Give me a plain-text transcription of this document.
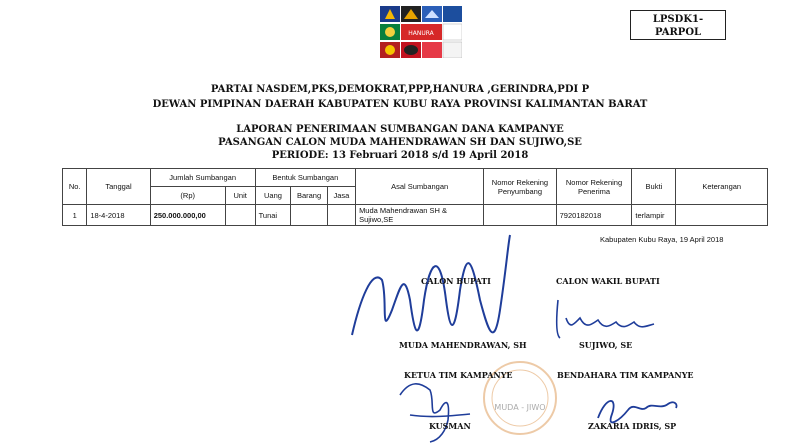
HANURA
LPSDK1-
PARPOL
PARTAI NASDEM,PKS,DEMOKRAT,PPP,HANURA ,GERINDRA,PDI P
DEWAN PIMPINAN DAERAH KABUPATEN KUBU RAYA PROVINSI KALIMANTAN BARAT
LAPORAN PENERIMAAN SUMBANGAN DANA KAMPANYE
PASANGAN CALON MUDA MAHENDRAWAN SH DAN SUJIWO,SE
PERIODE: 13 Februari 2018 s/d 19 April 2018
No.	Tanggal	Jumlah Sumbangan		Bentuk Sumbangan			Asal Sumbangan	Nomor Rekening Penyumbang	Nomor Rekening Penerima	Bukti	Keterangan
		(Rp)	Unit	Uang	Barang	Jasa					
1	18-4-2018	250.000.000,00		Tunai			Muda Mahendrawan SH & Sujiwo,SE		7920182018	terlampir	
Kabupaten Kubu Raya, 19 April 2018
MUDA - JIWO
CALON BUPATI	CALON WAKIL BUPATI
MUDA MAHENDRAWAN, SH	SUJIWO, SE
KETUA TIM KAMPANYE	BENDAHARA TIM KAMPANYE
KUSMAN	ZAKARIA IDRIS, SP
